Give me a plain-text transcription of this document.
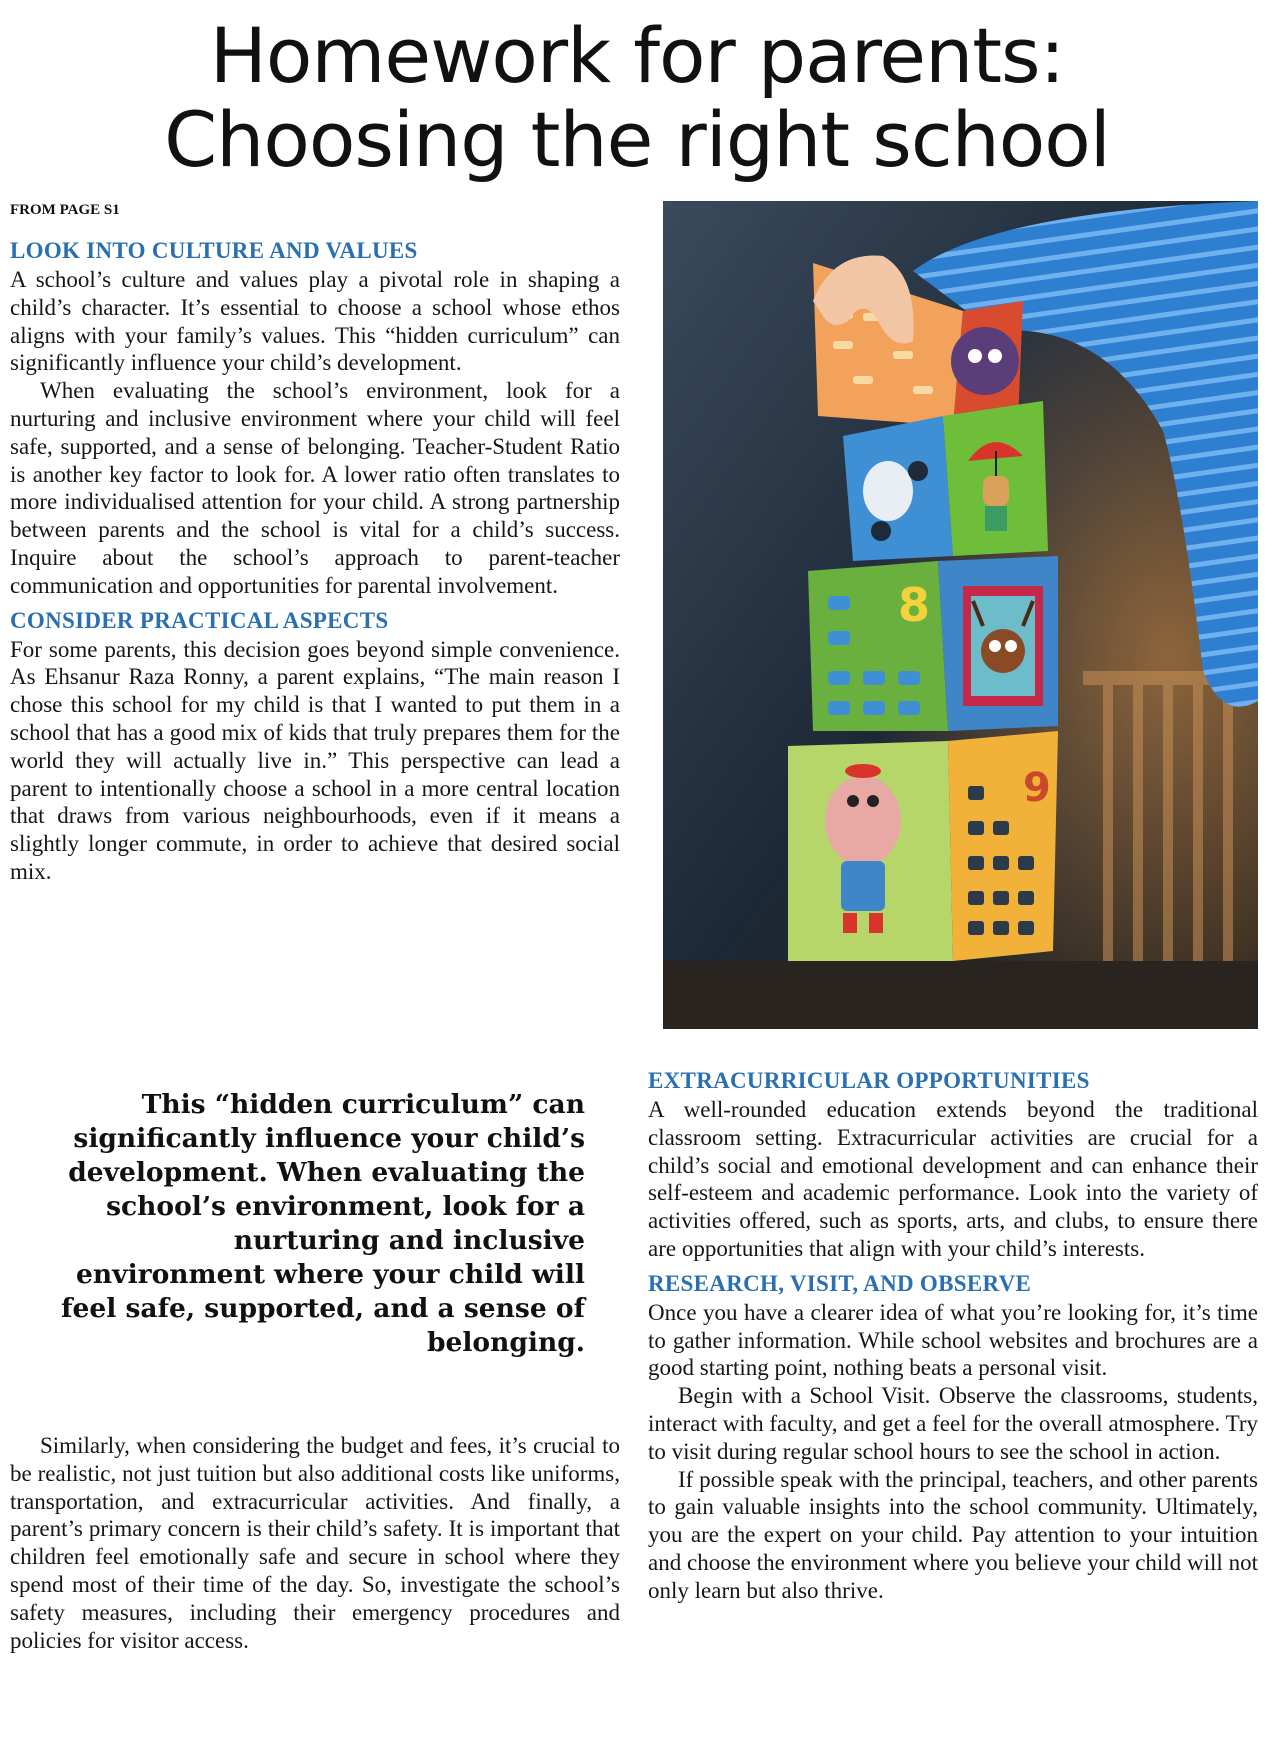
Homework for parents:
Choosing the right school
FROM PAGE S1
LOOK INTO CULTURE AND VALUES

A school’s culture and values play a pivotal role in shaping a child’s character. It’s essential to choose a school whose ethos aligns with your family’s values. This “hidden curriculum” can significantly influence your child’s development.

When evaluating the school’s environment, look for a nurturing and inclusive environment where your child will feel safe, supported, and a sense of belonging. Teacher-Student Ratio is another key factor to look for. A lower ratio often translates to more individualised attention for your child. A strong partnership between parents and the school is vital for a child’s success. Inquire about the school’s approach to parent-teacher communication and opportunities for parental involvement.

CONSIDER PRACTICAL ASPECTS

For some parents, this decision goes beyond simple convenience. As Ehsanur Raza Ronny, a parent explains, “The main reason I chose this school for my child is that I wanted to put them in a school that has a good mix of kids that truly prepares them for the world they will actually live in.” This perspective can lead a parent to intentionally choose a school in a more central location that draws from various neighbourhoods, even if it means a slightly longer commute, in order to achieve that desired social mix.

8
9
This “hidden curriculum” can significantly influence your child’s development. When evaluating the school’s environment, look for a nurturing and inclusive environment where your child will feel safe, supported, and a sense of belonging.

Similarly, when considering the budget and fees, it’s crucial to be realistic, not just tuition but also additional costs like uniforms, transportation, and extracurricular activities. And finally, a parent’s primary concern is their child’s safety. It is important that children feel emotionally safe and secure in school where they spend most of their time of the day. So, investigate the school’s safety measures, including their emergency procedures and policies for visitor access.

EXTRACURRICULAR OPPORTUNITIES

A well-rounded education extends beyond the traditional classroom setting. Extracurricular activities are crucial for a child’s social and emotional development and can enhance their self-esteem and academic performance. Look into the variety of activities offered, such as sports, arts, and clubs, to ensure there are opportunities that align with your child’s interests.

RESEARCH, VISIT, AND OBSERVE

Once you have a clearer idea of what you’re looking for, it’s time to gather information. While school websites and brochures are a good starting point, nothing beats a personal visit.

Begin with a School Visit. Observe the classrooms, students, interact with faculty, and get a feel for the overall atmosphere. Try to visit during regular school hours to see the school in action.

If possible speak with the principal, teachers, and other parents to gain valuable insights into the school community. Ultimately, you are the expert on your child. Pay attention to your intuition and choose the environment where you believe your child will not only learn but also thrive.
